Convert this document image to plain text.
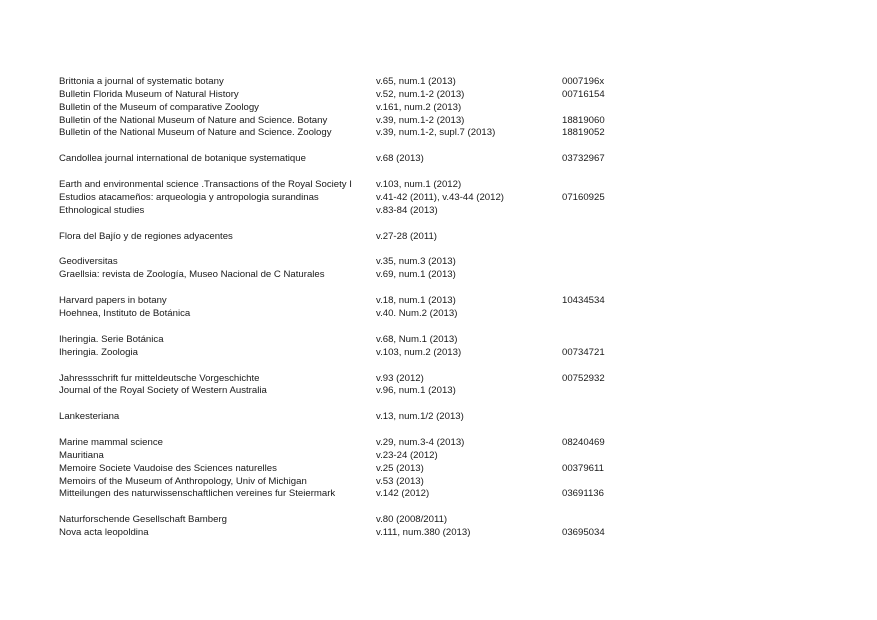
Brittonia a journal of systematic botany	v.65, num.1 (2013)	0007196x
Bulletin Florida Museum of Natural History	v.52, num.1-2 (2013)	00716154
Bulletin of the Museum of comparative Zoology	v.161, num.2 (2013)
Bulletin of the National Museum of Nature and Science. Botany	v.39, num.1-2 (2013)	18819060
Bulletin of the National Museum of Nature and Science. Zoology	v.39, num.1-2, supl.7 (2013)	18819052
Candollea journal international de botanique systematique	v.68 (2013)	03732967
Earth and environmental science .Transactions of the Royal Society I	v.103, num.1 (2012)
Estudios atacameños: arqueologia y antropologia surandinas	v.41-42 (2011), v.43-44 (2012)	07160925
Ethnological studies	v.83-84 (2013)
Flora del Bajío y de regiones adyacentes	v.27-28 (2011)
Geodiversitas	v.35, num.3 (2013)
Graellsia: revista de Zoología, Museo Nacional de C Naturales	v.69, num.1 (2013)
Harvard papers in botany	v.18, num.1 (2013)	10434534
Hoehnea, Instituto de Botánica	v.40. Num.2 (2013)
Iheringia. Serie Botánica	v.68, Num.1 (2013)
Iheringia. Zoologia	v.103, num.2 (2013)	00734721
Jahressschrift fur mitteldeutsche Vorgeschichte	v.93 (2012)	00752932
Journal of the Royal Society of Western Australia	v.96, num.1 (2013)
Lankesteriana	v.13, num.1/2 (2013)
Marine mammal science	v.29, num.3-4 (2013)	08240469
Mauritiana	v.23-24 (2012)
Memoire Societe Vaudoise des Sciences naturelles	v.25 (2013)	00379611
Memoirs of the Museum of Anthropology, Univ of Michigan	v.53 (2013)
Mitteilungen des naturwissenschaftlichen vereines fur Steiermark	v.142 (2012)	03691136
Naturforschende Gesellschaft Bamberg	v.80 (2008/2011)
Nova acta leopoldina	v.111, num.380 (2013)	03695034
